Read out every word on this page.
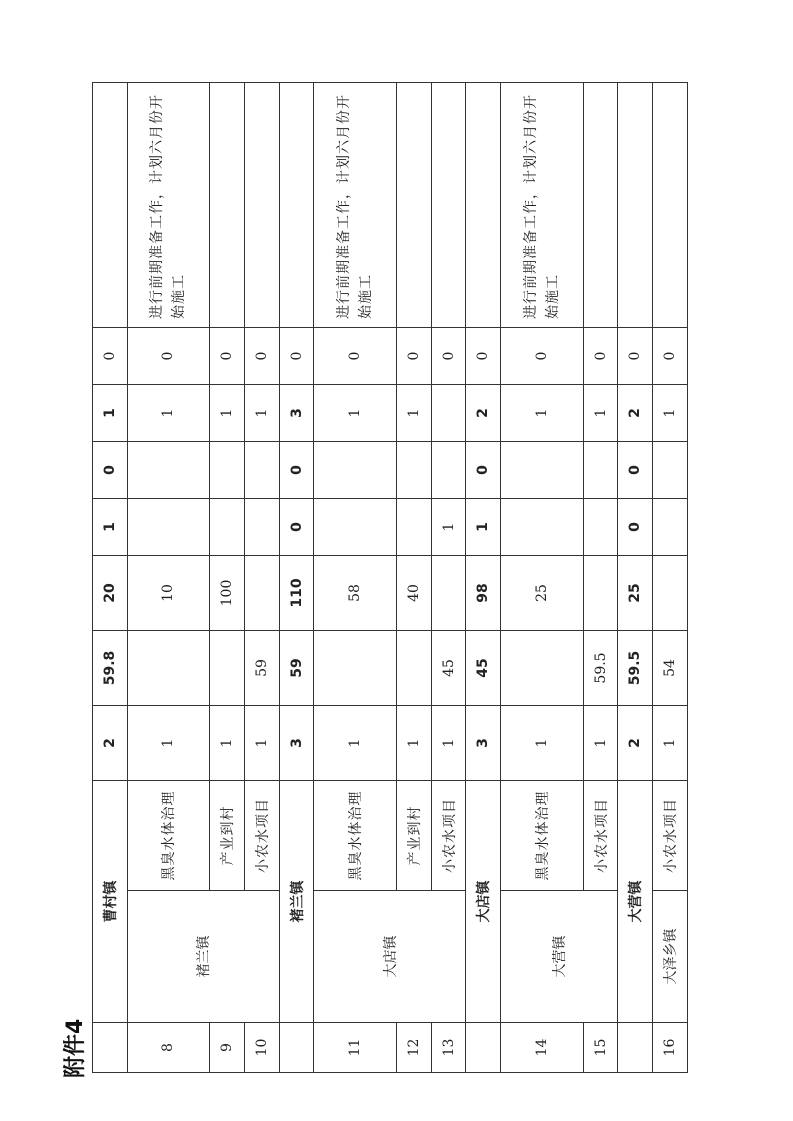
附件4
	曹村镇		2	59.8	20	1	0	1	0	
8	褚兰镇	黑臭水体治理	1		10			1	0	进行前期准备工作，计划六月份开始施工
9		产业到村	1		100			1	0	
10		小农水项目	1	59				1	0	
	褚兰镇		3	59	110	0	0	3	0	
11	大店镇	黑臭水体治理	1		58			1	0	进行前期准备工作，计划六月份开始施工
12		产业到村	1		40			1	0	
13		小农水项目	1	45		1			0	
	大店镇		3	45	98	1	0	2	0	
14	大营镇	黑臭水体治理	1		25			1	0	进行前期准备工作，计划六月份开始施工
15		小农水项目	1	59.5				1	0	
	大营镇		2	59.5	25	0	0	2	0	
16	大泽乡镇	小农水项目	1	54				1	0	
